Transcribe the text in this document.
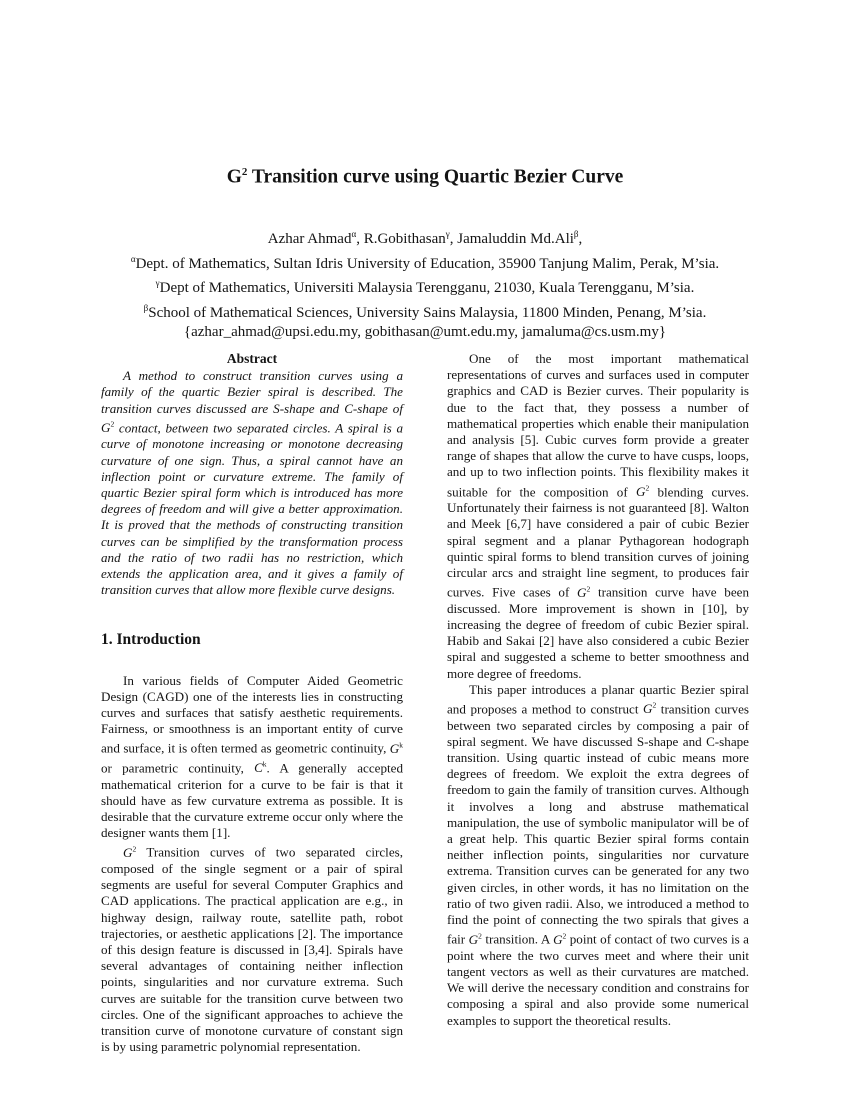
$G^2$ Transition curve using Quartic Bezier Curve
Azhar Ahmad$^\alpha$, R.Gobithasan$^\gamma$, Jamaluddin Md.Ali$^\beta$,
$^\alpha$Dept. of Mathematics, Sultan Idris University of Education, 35900 Tanjung Malim, Perak, M’sia.
$^\gamma$Dept of Mathematics, Universiti Malaysia Terengganu, 21030, Kuala Terengganu, M’sia.
$^\beta$School of Mathematical Sciences, University Sains Malaysia, 11800 Minden, Penang, M’sia.
{azhar_ahmad@upsi.edu.my, gobithasan@umt.edu.my, jamaluma@cs.usm.my}
Abstract

A method to construct transition curves using a family of the quartic Bezier spiral is described. The transition curves discussed are S-shape and C-shape of $G^2$ contact, between two separated circles. A spiral is a curve of monotone increasing or monotone decreasing curvature of one sign. Thus, a spiral cannot have an inflection point or curvature extreme. The family of quartic Bezier spiral form which is introduced has more degrees of freedom and will give a better approximation. It is proved that the methods of constructing transition curves can be simplified by the transformation process and the ratio of two radii has no restriction, which extends the application area, and it gives a family of transition curves that allow more flexible curve designs.

1. Introduction

In various fields of Computer Aided Geometric Design (CAGD) one of the interests lies in constructing curves and surfaces that satisfy aesthetic requirements. Fairness, or smoothness is an important entity of curve and surface, it is often termed as geometric continuity, $G^k$ or parametric continuity, $C^k$. A generally accepted mathematical criterion for a curve to be fair is that it should have as few curvature extrema as possible. It is desirable that the curvature extreme occur only where the designer wants them [1].

$G^2$ Transition curves of two separated circles, composed of the single segment or a pair of spiral segments are useful for several Computer Graphics and CAD applications. The practical application are e.g., in highway design, railway route, satellite path, robot trajectories, or aesthetic applications [2]. The importance of this design feature is discussed in [3,4]. Spirals have several advantages of containing neither inflection points, singularities and nor curvature extrema. Such curves are suitable for the transition curve between two circles. One of the significant approaches to achieve the transition curve of monotone curvature of constant sign is by using parametric polynomial representation.

One of the most important mathematical representations of curves and surfaces used in computer graphics and CAD is Bezier curves. Their popularity is due to the fact that, they possess a number of mathematical properties which enable their manipulation and analysis [5]. Cubic curves form provide a greater range of shapes that allow the curve to have cusps, loops, and up to two inflection points. This flexibility makes it suitable for the composition of $G^2$ blending curves. Unfortunately their fairness is not guaranteed [8]. Walton and Meek [6,7] have considered a pair of cubic Bezier spiral segment and a planar Pythagorean hodograph quintic spiral forms to blend transition curves of joining circular arcs and straight line segment, to produces fair curves. Five cases of $G^2$ transition curve have been discussed. More improvement is shown in [10], by increasing the degree of freedom of cubic Bezier spiral. Habib and Sakai [2] have also considered a cubic Bezier spiral and suggested a scheme to better smoothness and more degree of freedoms.

This paper introduces a planar quartic Bezier spiral and proposes a method to construct $G^2$ transition curves between two separated circles by composing a pair of spiral segment. We have discussed S-shape and C-shape transition. Using quartic instead of cubic means more degrees of freedom. We exploit the extra degrees of freedom to gain the family of transition curves. Although it involves a long and abstruse mathematical manipulation, the use of symbolic manipulator will be of a great help. This quartic Bezier spiral forms contain neither inflection points, singularities nor curvature extrema. Transition curves can be generated for any two given circles, in other words, it has no limitation on the ratio of two given radii. Also, we introduced a method to find the point of connecting the two spirals that gives a fair $G^2$ transition. A $G^2$ point of contact of two curves is a point where the two curves meet and where their unit tangent vectors as well as their curvatures are matched. We will derive the necessary condition and constrains for composing a spiral and also provide some numerical examples to support the theoretical results.
